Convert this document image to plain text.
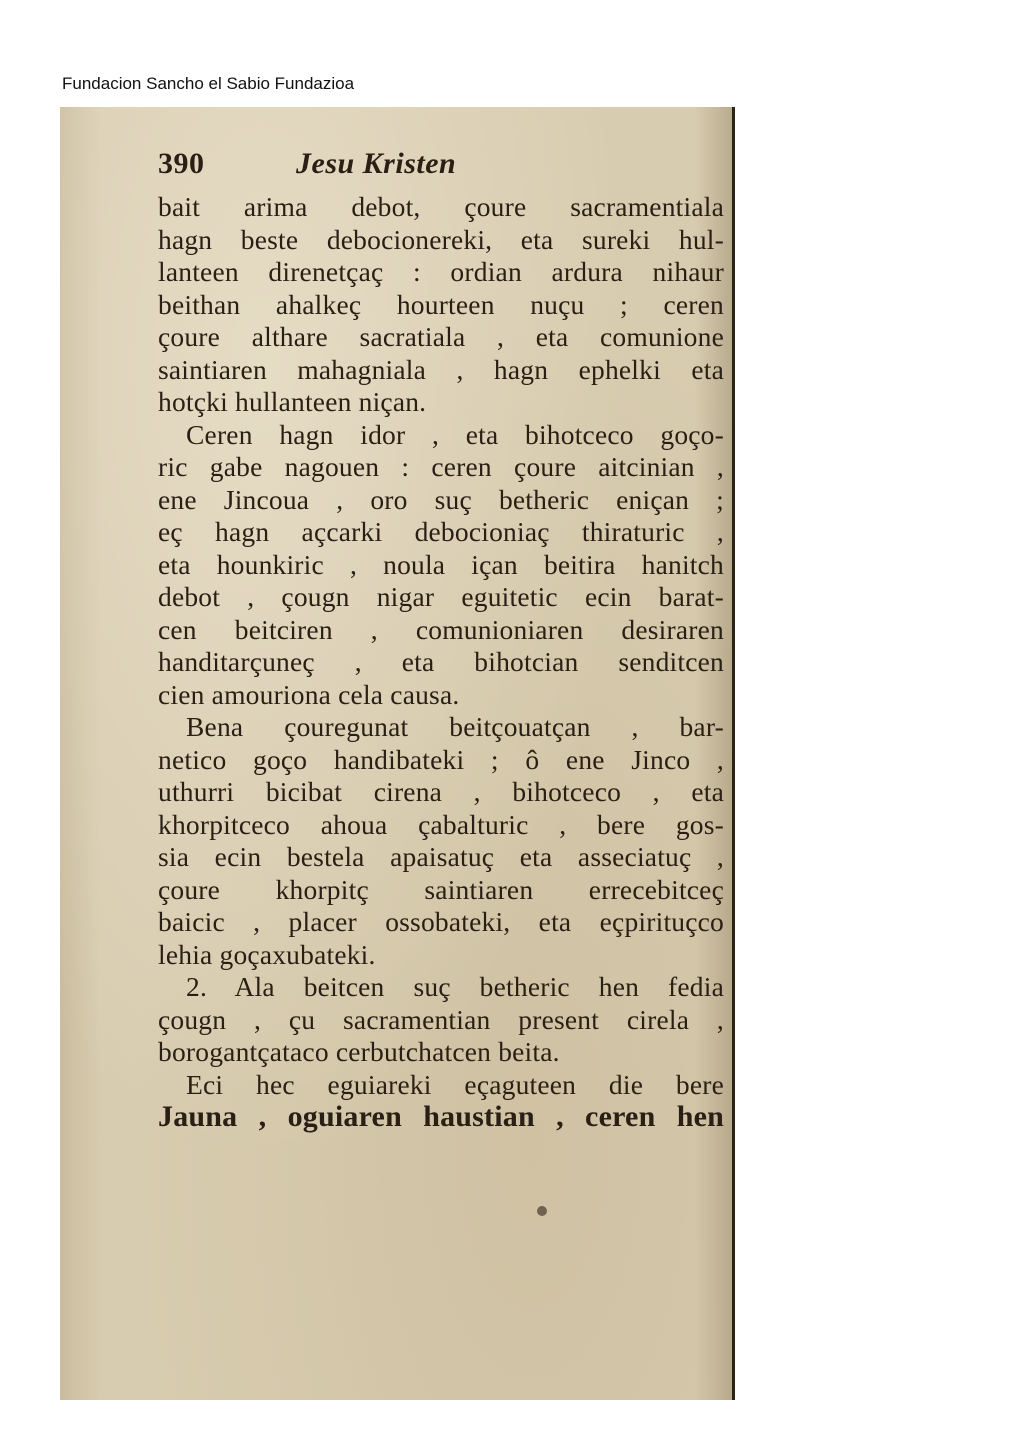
Fundacion Sancho el Sabio Fundazioa
390	Jesu Kristen
bait arima debot, çoure sacramentiala
hagn beste debocionereki, eta sureki hul-
lanteen direnetçaç : ordian ardura nihaur
beithan ahalkeç hourteen nuçu ; ceren
çoure althare sacratiala , eta comunione
saintiaren mahagniala , hagn ephelki eta
hotçki hullanteen niçan.
Ceren hagn idor , eta bihotceco goço-
ric gabe nagouen : ceren çoure aitcinian ,
ene Jincoua , oro suç betheric eniçan ;
eç hagn açcarki debocioniaç thiraturic ,
eta hounkiric , noula içan beitira hanitch
debot , çougn nigar eguitetic ecin barat-
cen beitciren , comunioniaren desiraren
handitarçuneç , eta bihotcian senditcen
cien amouriona cela causa.
Bena çouregunat beitçouatçan , bar-
netico goço handibateki ; ô ene Jinco ,
uthurri bicibat cirena , bihotceco , eta
khorpitceco ahoua çabalturic , bere gos-
sia ecin bestela apaisatuç eta asseciatuç ,
çoure khorpitç saintiaren errecebitceç
baicic , placer ossobateki, eta eçpirituçco
lehia goçaxubateki.
2. Ala beitcen suç betheric hen fedia
çougn , çu sacramentian present cirela ,
borogantçataco cerbutchatcen beita.
Eci hec eguiareki eçaguteen die bere
Jauna , oguiaren haustian , ceren hen
